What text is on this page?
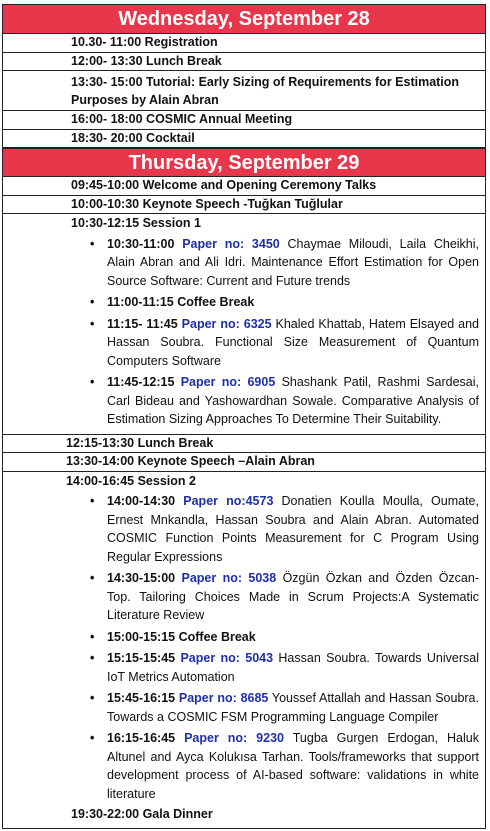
Wednesday, September 28
10.30- 11:00 Registration
12:00- 13:30 Lunch Break
13:30- 15:00 Tutorial: Early Sizing of Requirements for Estimation Purposes by Alain Abran
16:00- 18:00 COSMIC Annual Meeting
18:30- 20:00 Cocktail
Thursday, September 29
09:45-10:00 Welcome and Opening Ceremony Talks
10:00-10:30 Keynote Speech -Tuğkan Tuğlular
10:30-12:15 Session 1
• 10:30-11:00 Paper no: 3450 Chaymae Miloudi, Laila Cheikhi, Alain Abran and Ali Idri. Maintenance Effort Estimation for Open Source Software: Current and Future trends
• 11:00-11:15 Coffee Break
• 11:15- 11:45 Paper no: 6325 Khaled Khattab, Hatem Elsayed and Hassan Soubra. Functional Size Measurement of Quantum Computers Software
• 11:45-12:15 Paper no: 6905 Shashank Patil, Rashmi Sardesai, Carl Bideau and Yashowardhan Sowale. Comparative Analysis of Estimation Sizing Approaches To Determine Their Suitability.
12:15-13:30 Lunch Break
13:30-14:00 Keynote Speech –Alain Abran
14:00-16:45 Session 2
• 14:00-14:30 Paper no:4573 Donatien Koulla Moulla, Oumate, Ernest Mnkandla, Hassan Soubra and Alain Abran. Automated COSMIC Function Points Measurement for C Program Using Regular Expressions
• 14:30-15:00 Paper no: 5038 Özgün Özkan and Özden Özcan-Top. Tailoring Choices Made in Scrum Projects:A Systematic Literature Review
• 15:00-15:15 Coffee Break
• 15:15-15:45 Paper no: 5043 Hassan Soubra. Towards Universal IoT Metrics Automation
• 15:45-16:15 Paper no: 8685 Youssef Attallah and Hassan Soubra. Towards a COSMIC FSM Programming Language Compiler
• 16:15-16:45 Paper no: 9230 Tugba Gurgen Erdogan, Haluk Altunel and Ayca Kolukısa Tarhan. Tools/frameworks that support development process of AI-based software: validations in white literature
19:30-22:00 Gala Dinner
